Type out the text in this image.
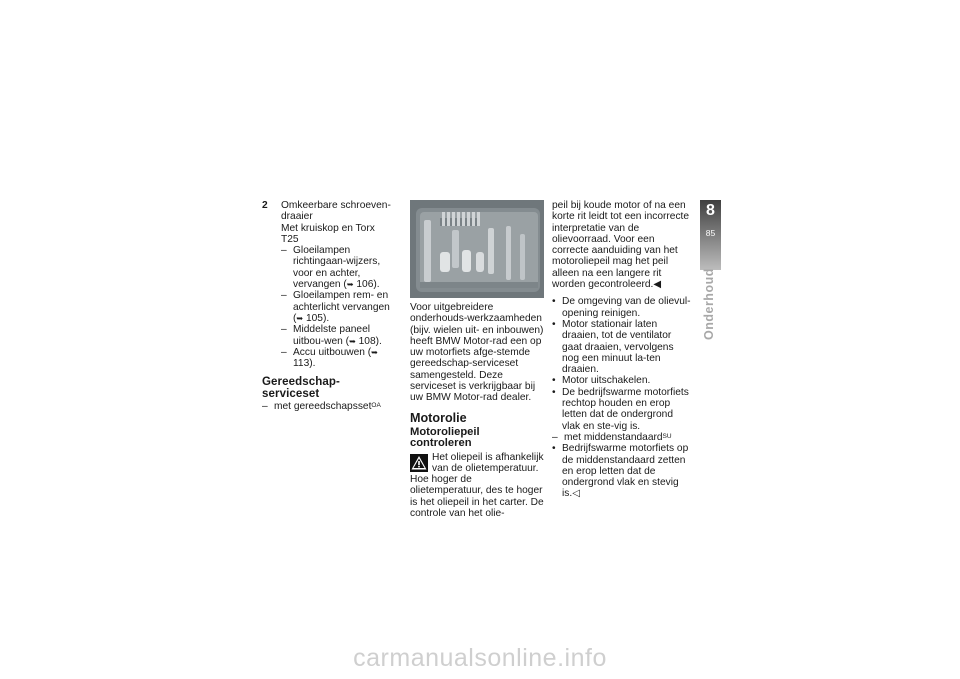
2 Omkeerbare schroeven-draaier

Met kruiskop en Torx T25

– Gloeilampen richtingaan-wijzers, voor en achter, vervangen (➥ 106).
– Gloeilampen rem- en achterlicht vervangen (➥ 105).
– Middelste paneel uitbou-wen (➥ 108).
– Accu uitbouwen (➥ 113).
Gereedschap-serviceset
– met gereedschapsset$^{OA}$

Voor uitgebreidere onderhouds-werkzaamheden (bijv. wielen uit- en inbouwen) heeft BMW Motor-rad een op uw motorfiets afge-stemde gereedschap-serviceset samengesteld. Deze serviceset is verkrijgbaar bij uw BMW Motor-rad dealer.

Motorolie
Motoroliepeil controleren

Het oliepeil is afhankelijk van de olietemperatuur.

Hoe hoger de olietemperatuur, des te hoger is het oliepeil in het carter. De controle van het olie-

peil bij koude motor of na een korte rit leidt tot een incorrecte interpretatie van de olievoorraad. Voor een correcte aanduiding van het motoroliepeil mag het peil alleen na een langere rit worden gecontroleerd.◀

• De omgeving van de olievul-opening reinigen.
• Motor stationair laten draaien, tot de ventilator gaat draaien, vervolgens nog een minuut la-ten draaien.
• Motor uitschakelen.
• De bedrijfswarme motorfiets rechtop houden en erop letten dat de ondergrond vlak en ste-vig is.
– met middenstandaard$^{SU}$
• Bedrijfswarme motorfiets op de middenstandaard zetten en erop letten dat de ondergrond vlak en stevig is.◁
8
85
Onderhoud
carmanualsonline.info
